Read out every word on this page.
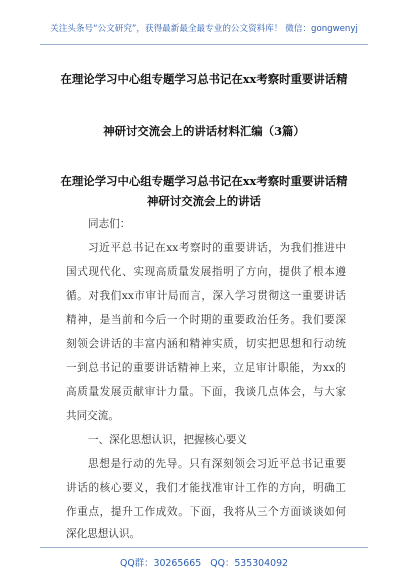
关注头条号“公文研究”，获得最新最全最专业的公文资料库！ 微信：gongwenyj
在理论学习中心组专题学习总书记在xx考察时重要讲话精
神研讨交流会上的讲话材料汇编（3篇）
在理论学习中心组专题学习总书记在xx考察时重要讲话精
神研讨交流会上的讲话
同志们：
习近平总书记在xx考察时的重要讲话，为我们推进中
国式现代化、实现高质量发展指明了方向，提供了根本遵
循。对我们xx市审计局而言，深入学习贯彻这一重要讲话
精神，是当前和今后一个时期的重要政治任务。我们要深
刻领会讲话的丰富内涵和精神实质，切实把思想和行动统
一到总书记的重要讲话精神上来，立足审计职能，为xx的
高质量发展贡献审计力量。下面，我谈几点体会，与大家
共同交流。
一、深化思想认识，把握核心要义
思想是行动的先导。只有深刻领会习近平总书记重要
讲话的核心要义，我们才能找准审计工作的方向，明确工
作重点，提升工作成效。下面，我将从三个方面谈谈如何
深化思想认识。
QQ群：30265665 QQ：535304092
